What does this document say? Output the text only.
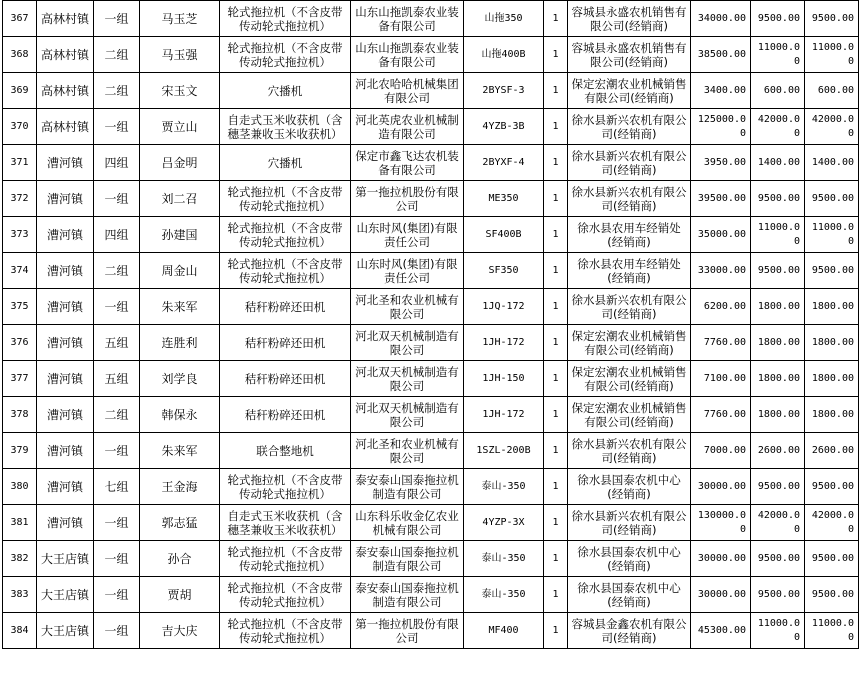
367	高林村镇	一组	马玉芝	轮式拖拉机（不含皮带传动轮式拖拉机）	山东山拖凯泰农业装备有限公司	山拖350	1	容城县永盛农机销售有限公司(经销商)	34000.00	9500.00	9500.00
368	高林村镇	二组	马玉强	轮式拖拉机（不含皮带传动轮式拖拉机）	山东山拖凯泰农业装备有限公司	山拖400B	1	容城县永盛农机销售有限公司(经销商)	38500.00	11000.00	11000.00
369	高林村镇	二组	宋玉文	穴播机	河北农哈哈机械集团有限公司	2BYSF-3	1	保定宏潮农业机械销售有限公司(经销商)	3400.00	600.00	600.00
370	高林村镇	一组	贾立山	自走式玉米收获机（含穗茎兼收玉米收获机）	河北英虎农业机械制造有限公司	4YZB-3B	1	徐水县新兴农机有限公司(经销商)	125000.00	42000.00	42000.00
371	漕河镇	四组	吕金明	穴播机	保定市鑫飞达农机装备有限公司	2BYXF-4	1	徐水县新兴农机有限公司(经销商)	3950.00	1400.00	1400.00
372	漕河镇	一组	刘二召	轮式拖拉机（不含皮带传动轮式拖拉机）	第一拖拉机股份有限公司	ME350	1	徐水县新兴农机有限公司(经销商)	39500.00	9500.00	9500.00
373	漕河镇	四组	孙建国	轮式拖拉机（不含皮带传动轮式拖拉机）	山东时风(集团)有限责任公司	SF400B	1	徐水县农用车经销处(经销商)	35000.00	11000.00	11000.00
374	漕河镇	二组	周金山	轮式拖拉机（不含皮带传动轮式拖拉机）	山东时风(集团)有限责任公司	SF350	1	徐水县农用车经销处(经销商)	33000.00	9500.00	9500.00
375	漕河镇	一组	朱来军	秸秆粉碎还田机	河北圣和农业机械有限公司	1JQ-172	1	徐水县新兴农机有限公司(经销商)	6200.00	1800.00	1800.00
376	漕河镇	五组	连胜利	秸秆粉碎还田机	河北双天机械制造有限公司	1JH-172	1	保定宏潮农业机械销售有限公司(经销商)	7760.00	1800.00	1800.00
377	漕河镇	五组	刘学良	秸秆粉碎还田机	河北双天机械制造有限公司	1JH-150	1	保定宏潮农业机械销售有限公司(经销商)	7100.00	1800.00	1800.00
378	漕河镇	二组	韩保永	秸秆粉碎还田机	河北双天机械制造有限公司	1JH-172	1	保定宏潮农业机械销售有限公司(经销商)	7760.00	1800.00	1800.00
379	漕河镇	一组	朱来军	联合整地机	河北圣和农业机械有限公司	1SZL-200B	1	徐水县新兴农机有限公司(经销商)	7000.00	2600.00	2600.00
380	漕河镇	七组	王金海	轮式拖拉机（不含皮带传动轮式拖拉机）	泰安泰山国泰拖拉机制造有限公司	泰山-350	1	徐水县国泰农机中心(经销商)	30000.00	9500.00	9500.00
381	漕河镇	一组	郭志猛	自走式玉米收获机（含穗茎兼收玉米收获机）	山东科乐收金亿农业机械有限公司	4YZP-3X	1	徐水县新兴农机有限公司(经销商)	130000.00	42000.00	42000.00
382	大王店镇	一组	孙合	轮式拖拉机（不含皮带传动轮式拖拉机）	泰安泰山国泰拖拉机制造有限公司	泰山-350	1	徐水县国泰农机中心(经销商)	30000.00	9500.00	9500.00
383	大王店镇	一组	贾胡	轮式拖拉机（不含皮带传动轮式拖拉机）	泰安泰山国泰拖拉机制造有限公司	泰山-350	1	徐水县国泰农机中心(经销商)	30000.00	9500.00	9500.00
384	大王店镇	一组	吉大庆	轮式拖拉机（不含皮带传动轮式拖拉机）	第一拖拉机股份有限公司	MF400	1	容城县金鑫农机有限公司(经销商)	45300.00	11000.00	11000.00
